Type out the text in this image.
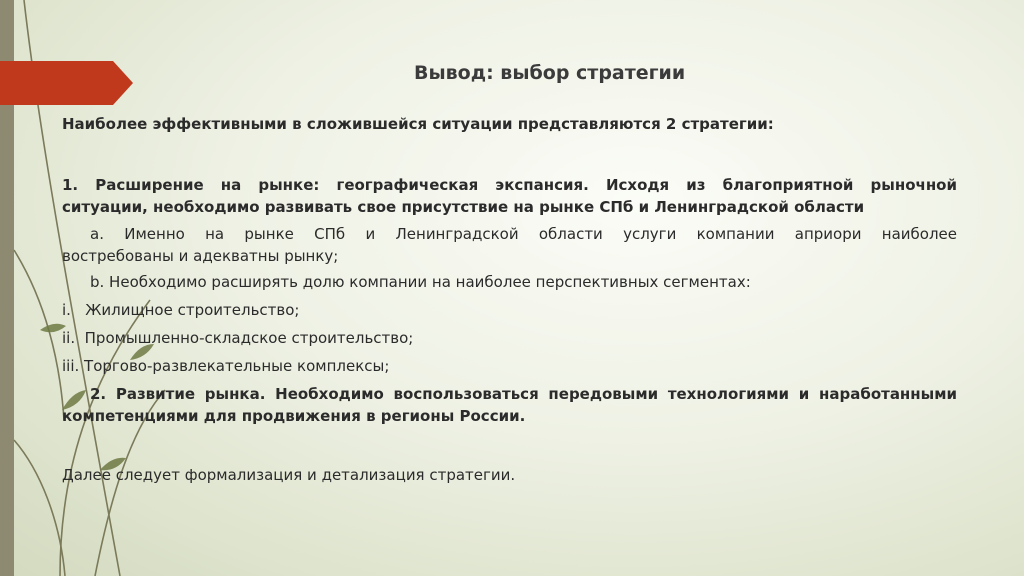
Вывод: выбор стратегии

Наиболее эффективными в сложившейся ситуации представляются 2 стратегии:

1. Расширение на рынке: географическая экспансия. Исходя из благоприятной рыночной

ситуации, необходимо развивать свое присутствие на рынке СПб и Ленинградской области

a. Именно на рынке СПб и Ленинградской области услуги компании априори наиболее

востребованы и адекватны рынку;

b. Необходимо расширять долю компании на наиболее перспективных сегментах:

i.   Жилищное строительство;

ii.  Промышленно-складское строительство;

iii. Торгово-развлекательные комплексы;

2. Развитие рынка. Необходимо воспользоваться передовыми технологиями и наработанными

компетенциями для продвижения в регионы России.

Далее следует формализация и детализация стратегии.
